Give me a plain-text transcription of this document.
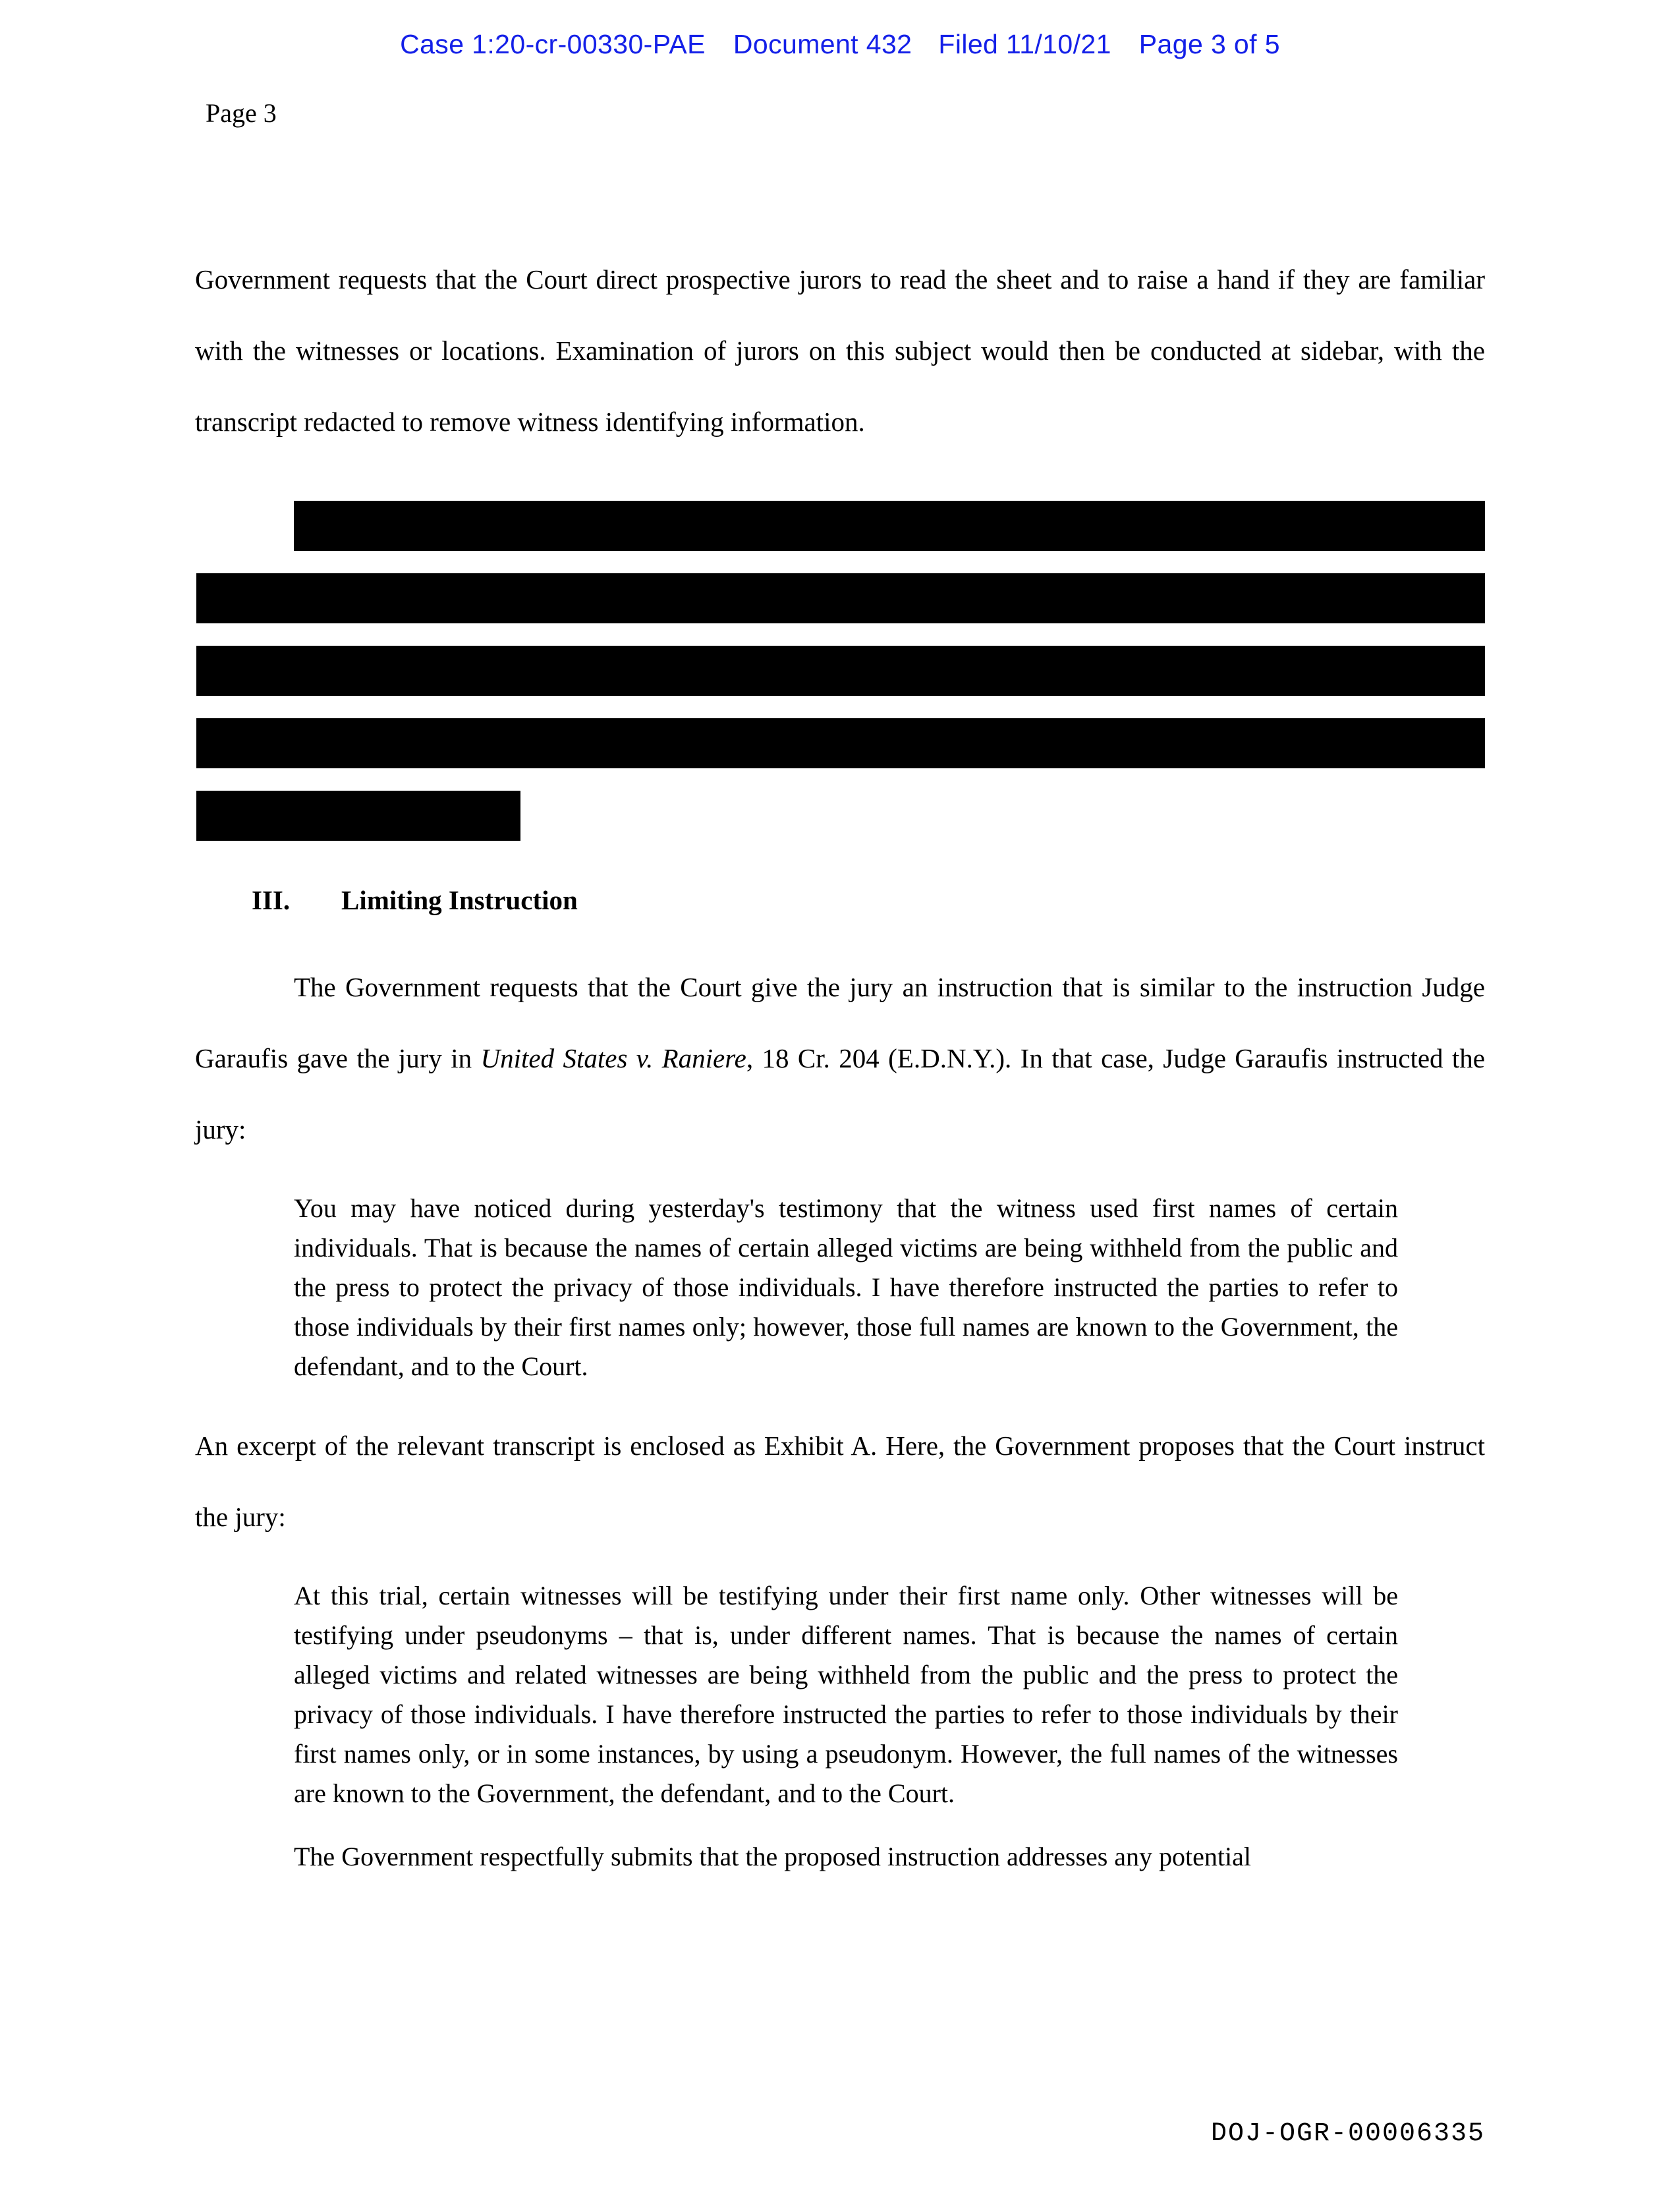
Case 1:20-cr-00330-PAE Document 432 Filed 11/10/21 Page 3 of 5
Page 3

Government requests that the Court direct prospective jurors to read the sheet and to raise a hand if they are familiar with the witnesses or locations. Examination of jurors on this subject would then be conducted at sidebar, with the transcript redacted to remove witness identifying information.

III. Limiting Instruction

The Government requests that the Court give the jury an instruction that is similar to the instruction Judge Garaufis gave the jury in United States v. Raniere, 18 Cr. 204 (E.D.N.Y.). In that case, Judge Garaufis instructed the jury:

You may have noticed during yesterday's testimony that the witness used first names of certain individuals. That is because the names of certain alleged victims are being withheld from the public and the press to protect the privacy of those individuals. I have therefore instructed the parties to refer to those individuals by their first names only; however, those full names are known to the Government, the defendant, and to the Court.

An excerpt of the relevant transcript is enclosed as Exhibit A. Here, the Government proposes that the Court instruct the jury:

At this trial, certain witnesses will be testifying under their first name only. Other witnesses will be testifying under pseudonyms – that is, under different names. That is because the names of certain alleged victims and related witnesses are being withheld from the public and the press to protect the privacy of those individuals. I have therefore instructed the parties to refer to those individuals by their first names only, or in some instances, by using a pseudonym. However, the full names of the witnesses are known to the Government, the defendant, and to the Court.

The Government respectfully submits that the proposed instruction addresses any potential

DOJ-OGR-00006335
